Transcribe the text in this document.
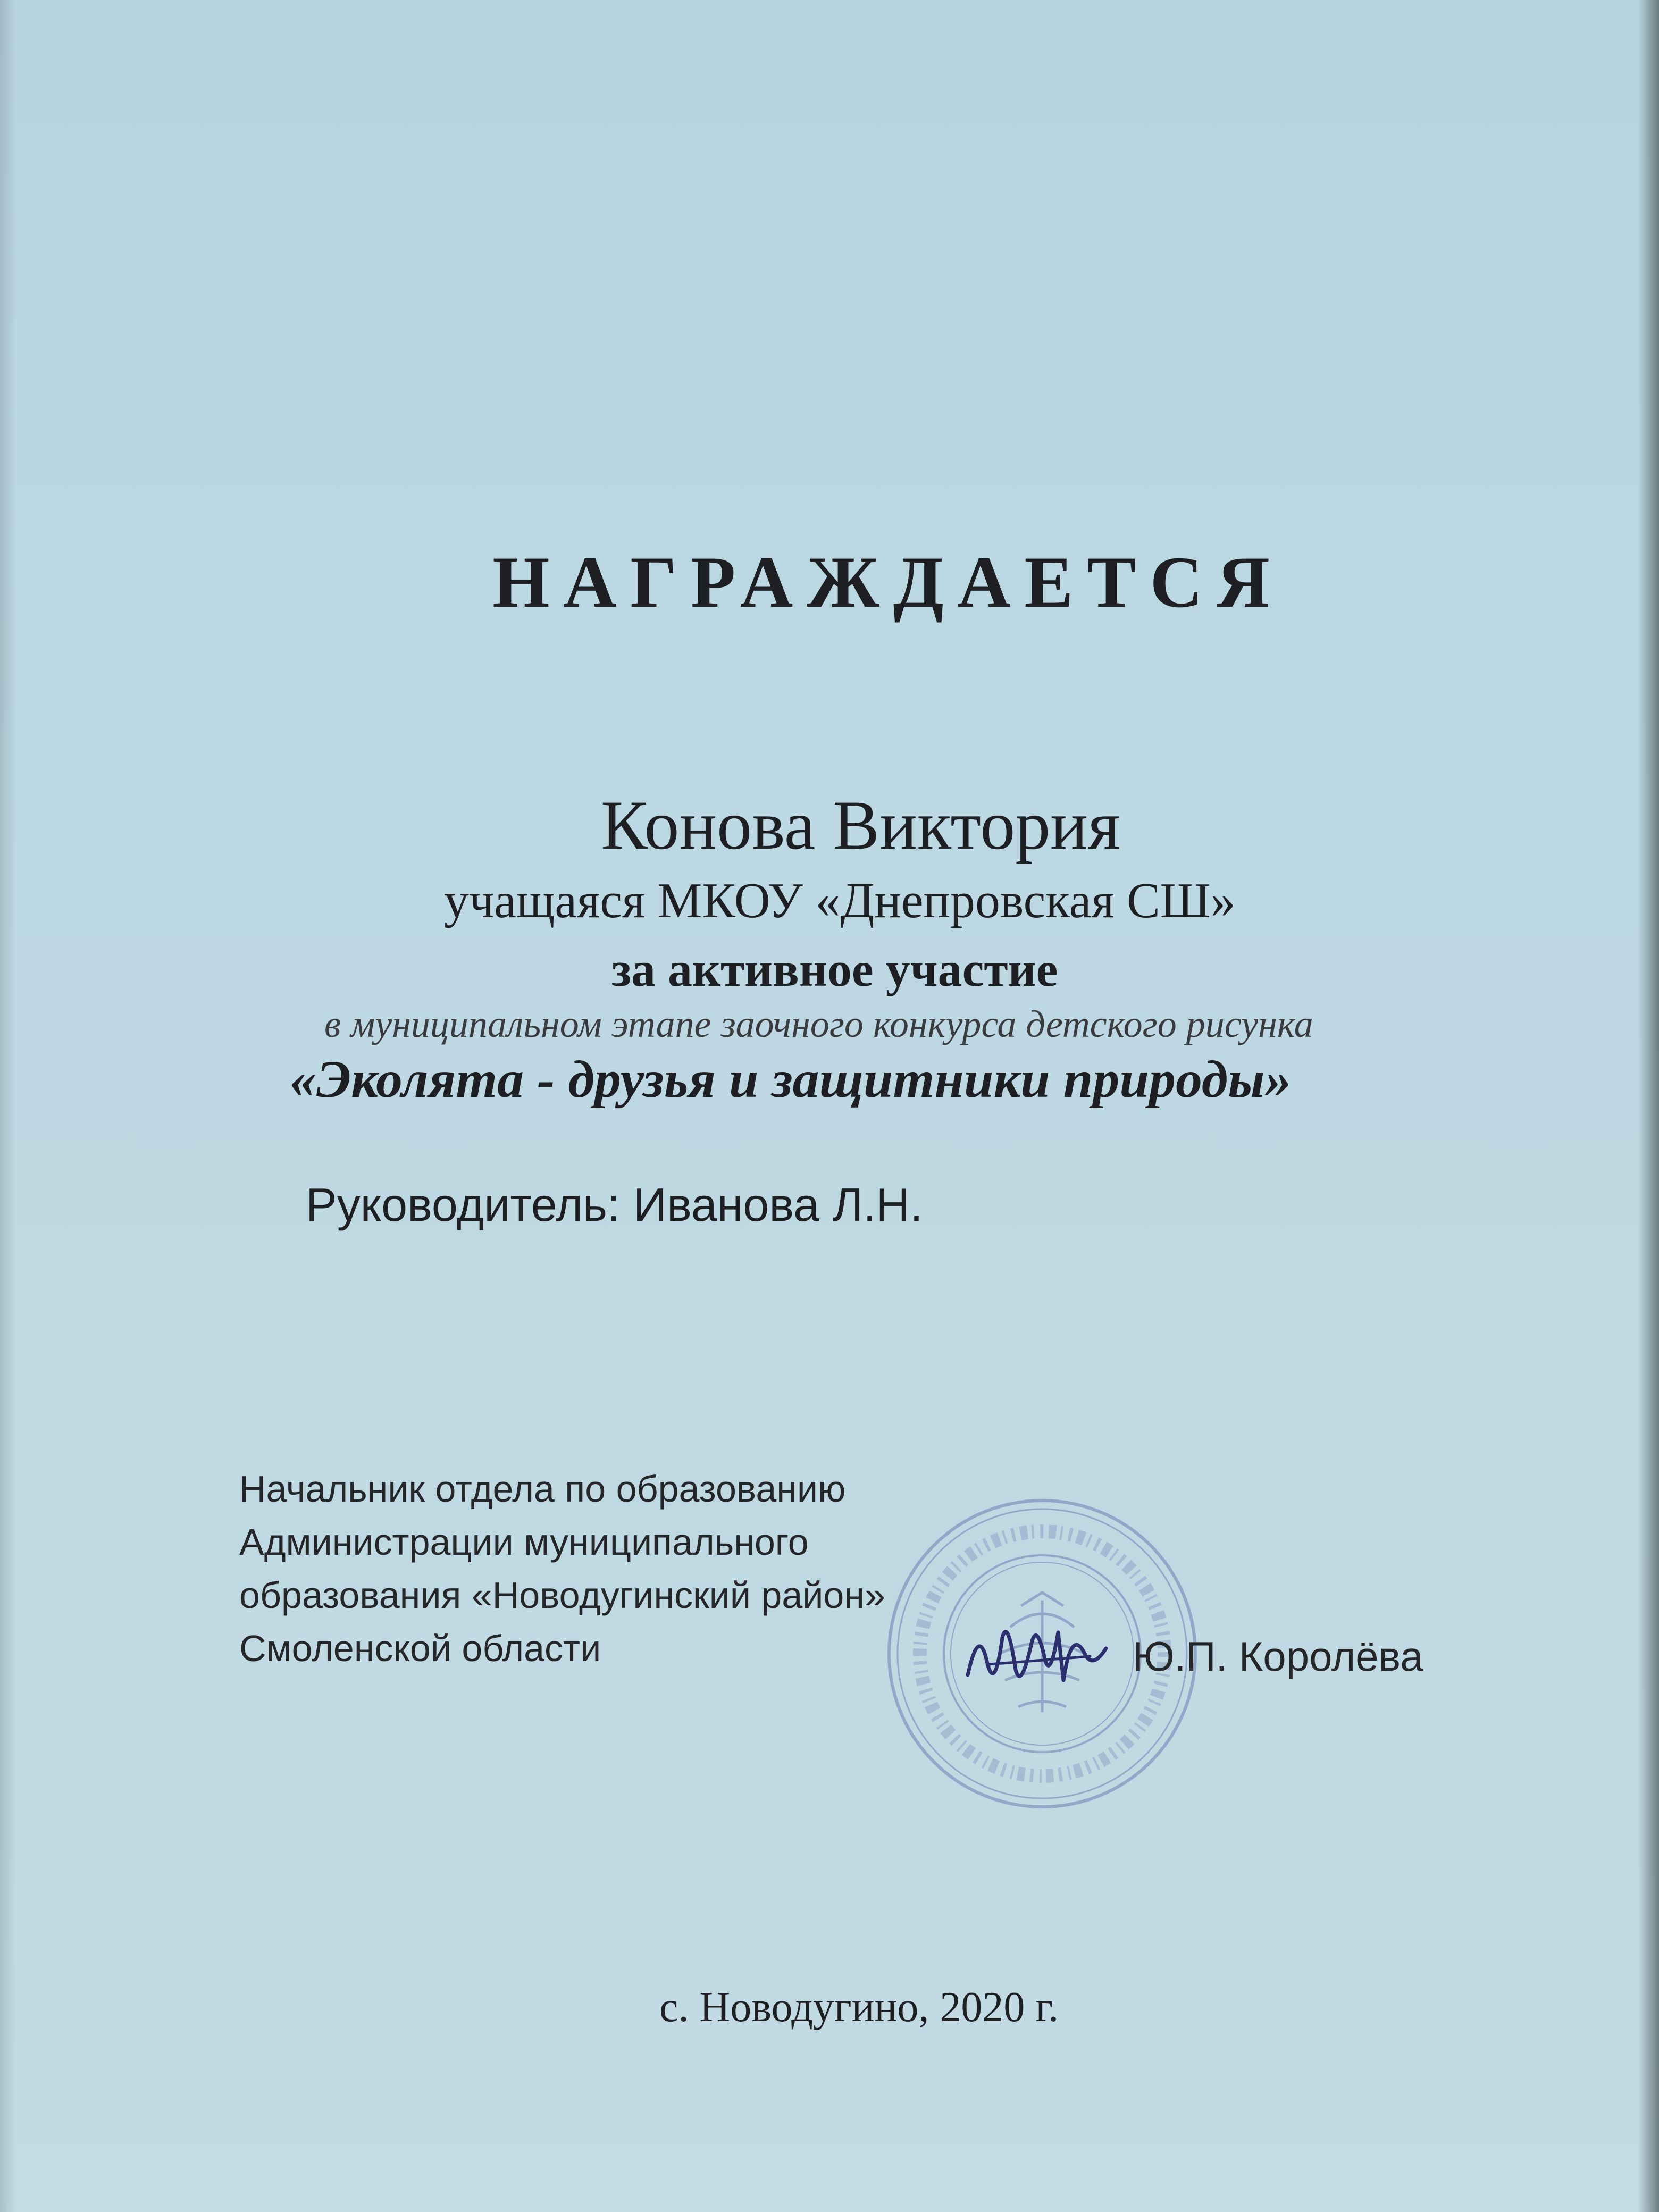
НАГРАЖДАЕТСЯ
Конова Виктория
учащаяся МКОУ «Днепровская СШ»
за активное участие
в муниципальном этапе заочного конкурса детского рисунка
«Эколята - друзья и защитники природы»
Руководитель: Иванова Л.Н.
Начальник отдела по образованию
Администрации муниципального
образования «Новодугинский район»
Смоленской области	Ю.П. Королёва
с. Новодугино, 2020 г.
